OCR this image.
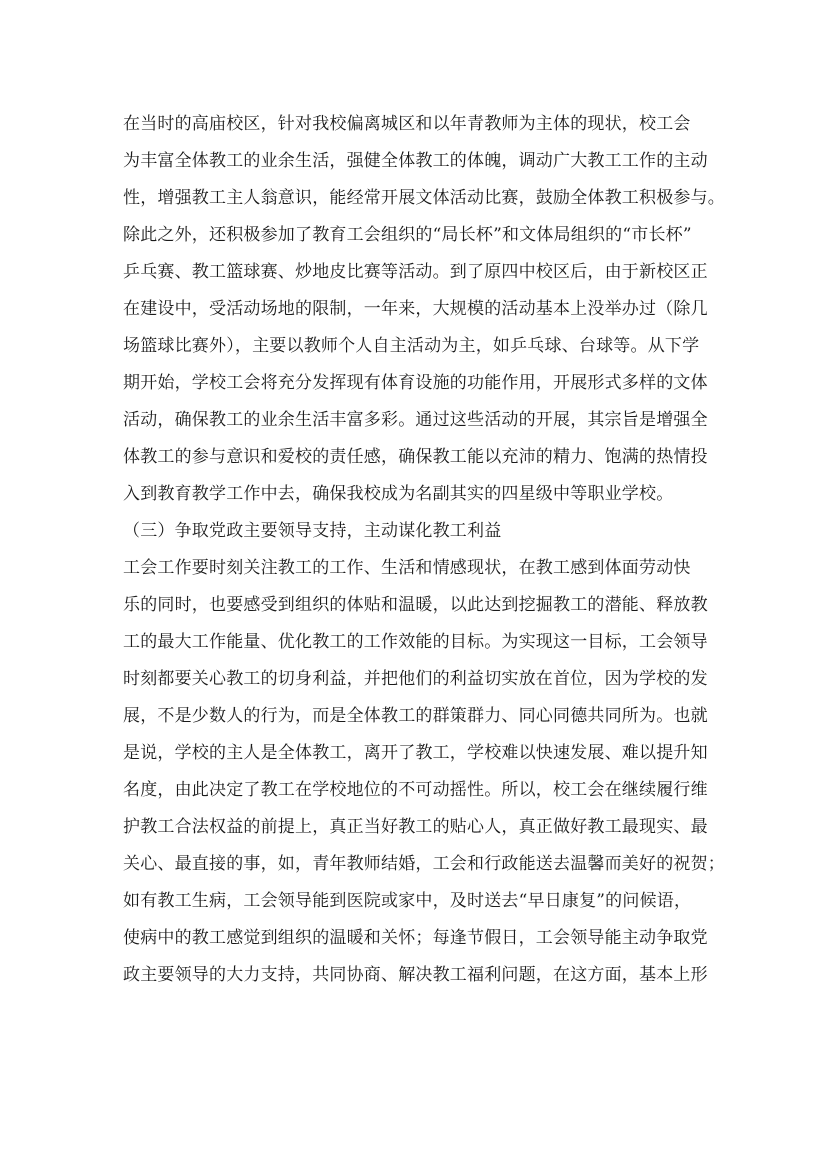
在当时的高庙校区，针对我校偏离城区和以年青教师为主体的现状，校工会
为丰富全体教工的业余生活，强健全体教工的体魄，调动广大教工工作的主动
性，增强教工主人翁意识，能经常开展文体活动比赛，鼓励全体教工积极参与。
除此之外，还积极参加了教育工会组织的“局长杯”和文体局组织的“市长杯”
乒乓赛、教工篮球赛、炒地皮比赛等活动。到了原四中校区后，由于新校区正
在建设中，受活动场地的限制，一年来，大规模的活动基本上没举办过（除几
场篮球比赛外），主要以教师个人自主活动为主，如乒乓球、台球等。从下学
期开始，学校工会将充分发挥现有体育设施的功能作用，开展形式多样的文体
活动，确保教工的业余生活丰富多彩。通过这些活动的开展，其宗旨是增强全
体教工的参与意识和爱校的责任感，确保教工能以充沛的精力、饱满的热情投
入到教育教学工作中去，确保我校成为名副其实的四星级中等职业学校。
（三）争取党政主要领导支持，主动谋化教工利益
工会工作要时刻关注教工的工作、生活和情感现状，在教工感到体面劳动快
乐的同时，也要感受到组织的体贴和温暖，以此达到挖掘教工的潜能、释放教
工的最大工作能量、优化教工的工作效能的目标。为实现这一目标，工会领导
时刻都要关心教工的切身利益，并把他们的利益切实放在首位，因为学校的发
展，不是少数人的行为，而是全体教工的群策群力、同心同德共同所为。也就
是说，学校的主人是全体教工，离开了教工，学校难以快速发展、难以提升知
名度，由此决定了教工在学校地位的不可动摇性。所以，校工会在继续履行维
护教工合法权益的前提上，真正当好教工的贴心人，真正做好教工最现实、最
关心、最直接的事，如，青年教师结婚，工会和行政能送去温馨而美好的祝贺；
如有教工生病，工会领导能到医院或家中，及时送去“早日康复”的问候语，
使病中的教工感觉到组织的温暖和关怀；每逢节假日，工会领导能主动争取党
政主要领导的大力支持，共同协商、解决教工福利问题，在这方面，基本上形
